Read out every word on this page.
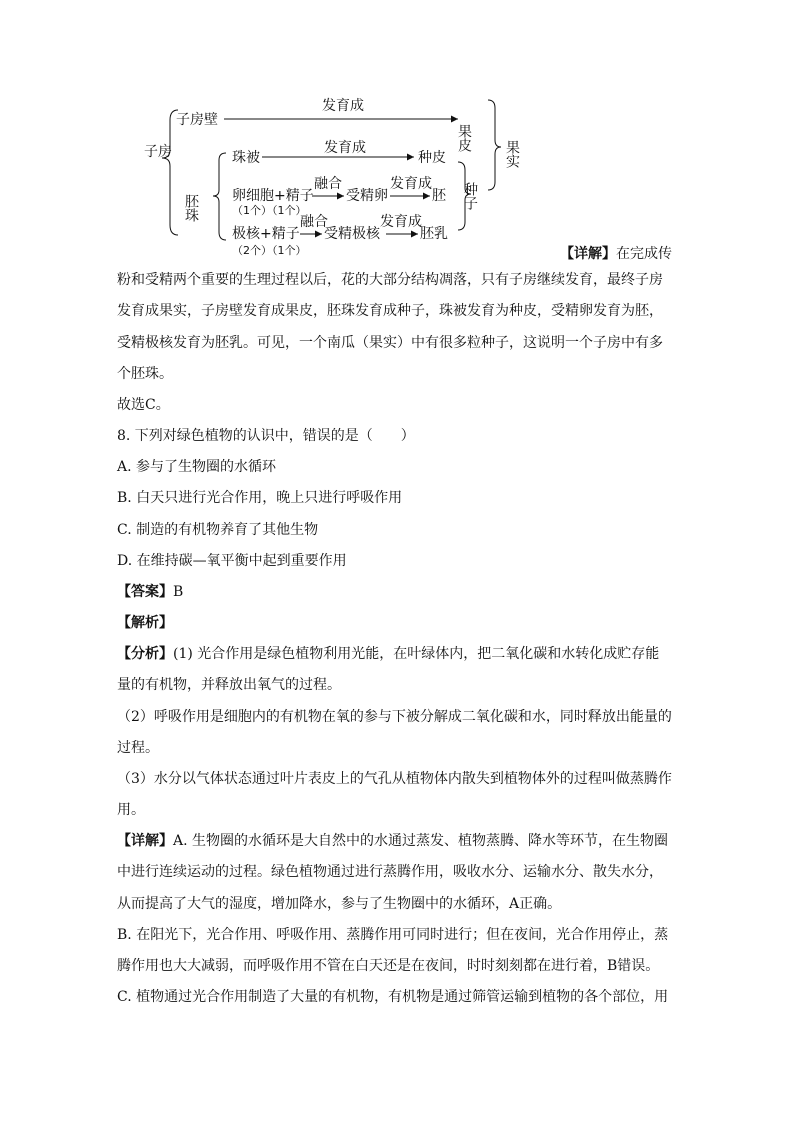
子房
子房壁
发育成
果皮
果实
胚珠
珠被
发育成
种皮
种子
融合
卵细胞+精子
（1个）（1个）
受精卵
发育成
胚
融合
极核+精子
（2个）（1个）
受精极核
发育成
胚乳
【详解】在完成传
粉和受精两个重要的生理过程以后，花的大部分结构凋落，只有子房继续发育，最终子房
发育成果实，子房壁发育成果皮，胚珠发育成种子，珠被发育为种皮，受精卵发育为胚，
受精极核发育为胚乳。可见，一个南瓜（果实）中有很多粒种子，这说明一个子房中有多
个胚珠。
故选C。
8. 下列对绿色植物的认识中，错误的是（　　）
A. 参与了生物圈的水循环
B. 白天只进行光合作用，晚上只进行呼吸作用
C. 制造的有机物养育了其他生物
D. 在维持碳—氧平衡中起到重要作用
【答案】B
【解析】
【分析】(1) 光合作用是绿色植物利用光能，在叶绿体内，把二氧化碳和水转化成贮存能
量的有机物，并释放出氧气的过程。
（2）呼吸作用是细胞内的有机物在氧的参与下被分解成二氧化碳和水，同时释放出能量的
过程。
（3）水分以气体状态通过叶片表皮上的气孔从植物体内散失到植物体外的过程叫做蒸腾作
用。
【详解】A. 生物圈的水循环是大自然中的水通过蒸发、植物蒸腾、降水等环节，在生物圈
中进行连续运动的过程。绿色植物通过进行蒸腾作用，吸收水分、运输水分、散失水分，
从而提高了大气的湿度，增加降水，参与了生物圈中的水循环，A正确。
B. 在阳光下，光合作用、呼吸作用、蒸腾作用可同时进行；但在夜间，光合作用停止，蒸
腾作用也大大减弱，而呼吸作用不管在白天还是在夜间，时时刻刻都在进行着，B错误。
C. 植物通过光合作用制造了大量的有机物，有机物是通过筛管运输到植物的各个部位，用
